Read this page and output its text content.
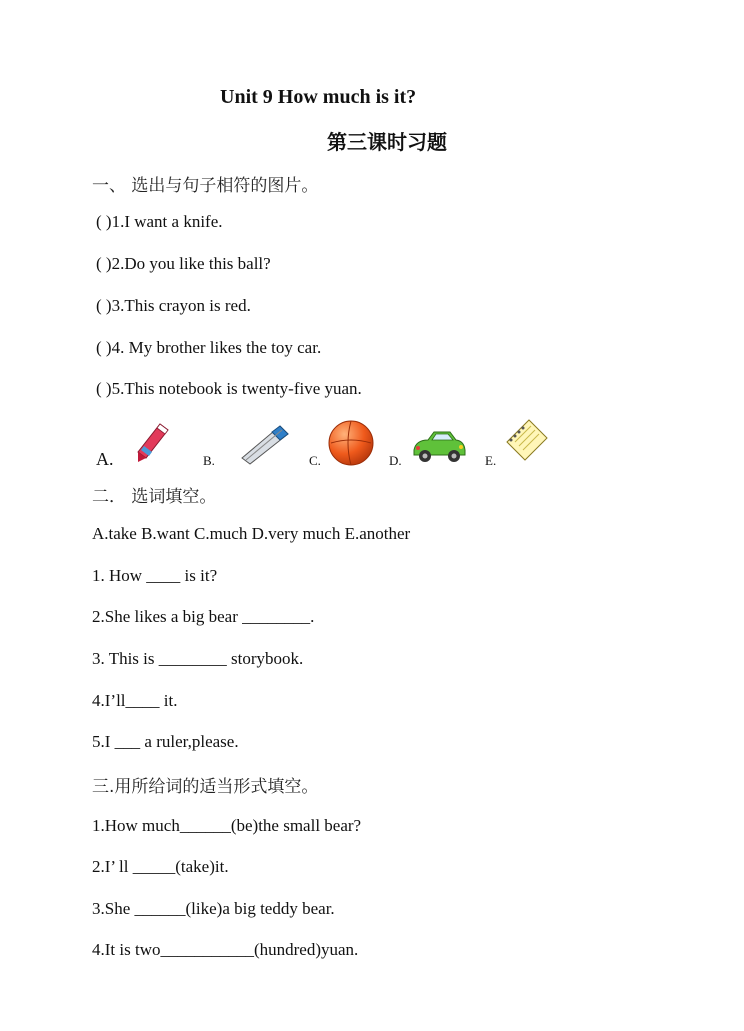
Unit 9 How much is it?
第三课时习题
一、 选出与句子相符的图片。
( )1.I want a knife.
( )2.Do you like this ball?
( )3.This crayon is red.
( )4. My brother likes the toy car.
( )5.This notebook is twenty-five yuan.
A.	B.	C.	D.	E.
二． 选词填空。
A.take B.want C.much D.very much E.another
1. How ____ is it?
2.She likes a big bear ________.
3. This is ________ storybook.
4.I’ll____ it.
5.I ___ a ruler,please.
三.用所给词的适当形式填空。
1.How much______(be)the small bear?
2.I’ ll _____(take)it.
3.She ______(like)a big teddy bear.
4.It is two___________(hundred)yuan.
